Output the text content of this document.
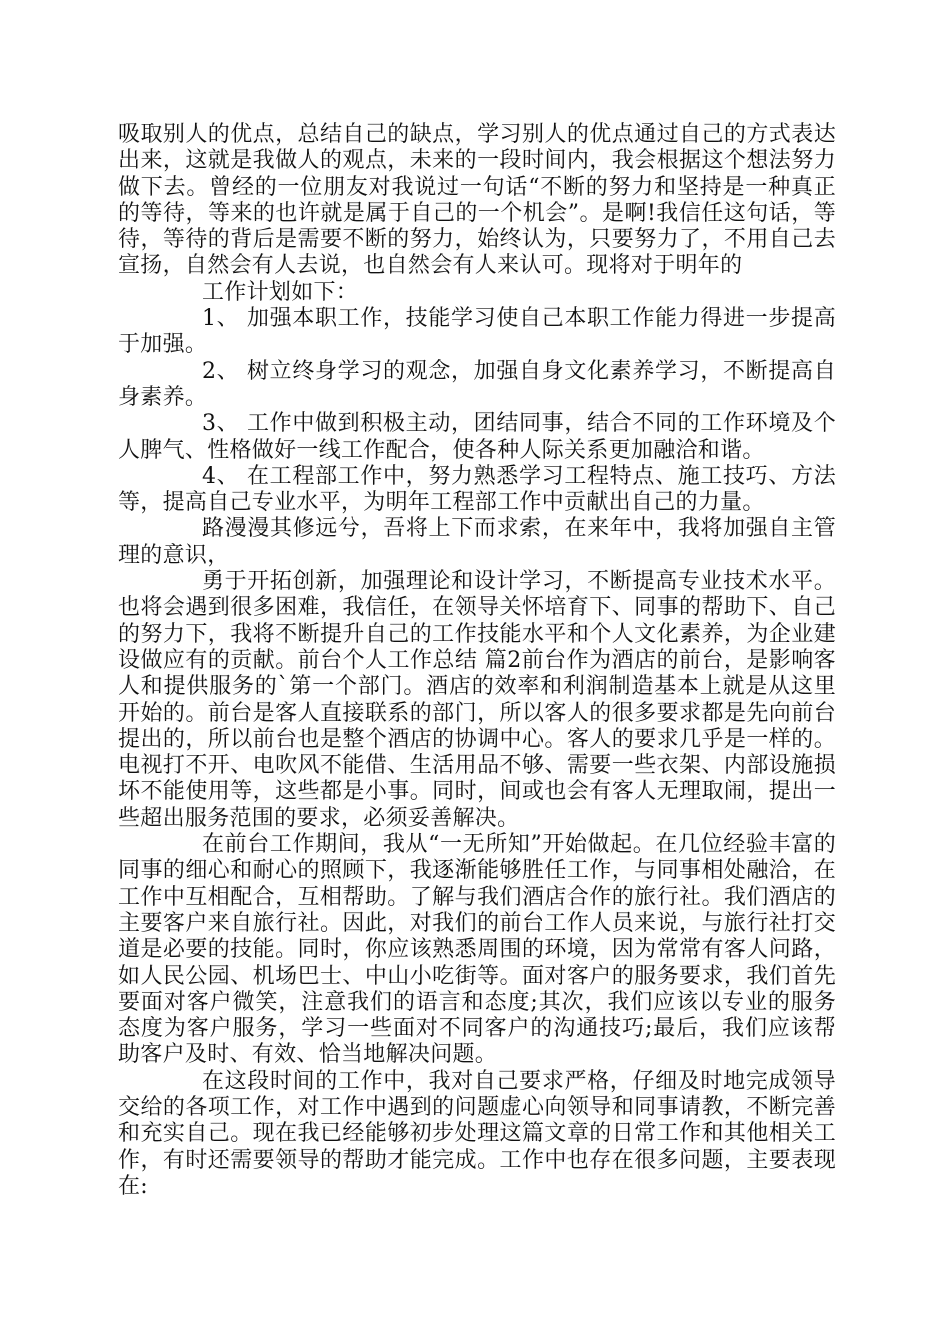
吸取别人的优点，总结自己的缺点，学习别人的优点通过自己的方式表达出来，这就是我做人的观点，未来的一段时间内，我会根据这个想法努力做下去。曾经的一位朋友对我说过一句话“不断的努力和坚持是一种真正的等待，等来的也许就是属于自己的一个机会”。是啊!我信任这句话，等待，等待的背后是需要不断的努力，始终认为，只要努力了，不用自己去宣扬，自然会有人去说，也自然会有人来认可。现将对于明年的

工作计划如下：

1、 加强本职工作，技能学习使自己本职工作能力得进一步提高于加强。

2、 树立终身学习的观念，加强自身文化素养学习，不断提高自身素养。

3、 工作中做到积极主动，团结同事，结合不同的工作环境及个人脾气、性格做好一线工作配合，使各种人际关系更加融洽和谐。

4、 在工程部工作中，努力熟悉学习工程特点、施工技巧、方法等，提高自己专业水平，为明年工程部工作中贡献出自己的力量。

路漫漫其修远兮，吾将上下而求索，在来年中，我将加强自主管理的意识，

勇于开拓创新，加强理论和设计学习，不断提高专业技术水平。也将会遇到很多困难，我信任，在领导关怀培育下、同事的帮助下、自己的努力下，我将不断提升自己的工作技能水平和个人文化素养，为企业建设做应有的贡献。前台个人工作总结 篇2前台作为酒店的前台，是影响客人和提供服务的`第一个部门。酒店的效率和利润制造基本上就是从这里开始的。前台是客人直接联系的部门，所以客人的很多要求都是先向前台提出的，所以前台也是整个酒店的协调中心。客人的要求几乎是一样的。电视打不开、电吹风不能借、生活用品不够、需要一些衣架、内部设施损坏不能使用等，这些都是小事。同时，间或也会有客人无理取闹，提出一些超出服务范围的要求，必须妥善解决。

在前台工作期间，我从“一无所知”开始做起。在几位经验丰富的同事的细心和耐心的照顾下，我逐渐能够胜任工作，与同事相处融洽，在工作中互相配合，互相帮助。了解与我们酒店合作的旅行社。我们酒店的主要客户来自旅行社。因此，对我们的前台工作人员来说，与旅行社打交道是必要的技能。同时，你应该熟悉周围的环境，因为常常有客人问路，如人民公园、机场巴士、中山小吃街等。面对客户的服务要求，我们首先要面对客户微笑，注意我们的语言和态度;其次，我们应该以专业的服务态度为客户服务，学习一些面对不同客户的沟通技巧;最后，我们应该帮助客户及时、有效、恰当地解决问题。

在这段时间的工作中，我对自己要求严格，仔细及时地完成领导交给的各项工作，对工作中遇到的问题虚心向领导和同事请教，不断完善和充实自己。现在我已经能够初步处理这篇文章的日常工作和其他相关工作，有时还需要领导的帮助才能完成。工作中也存在很多问题，主要表现在:
